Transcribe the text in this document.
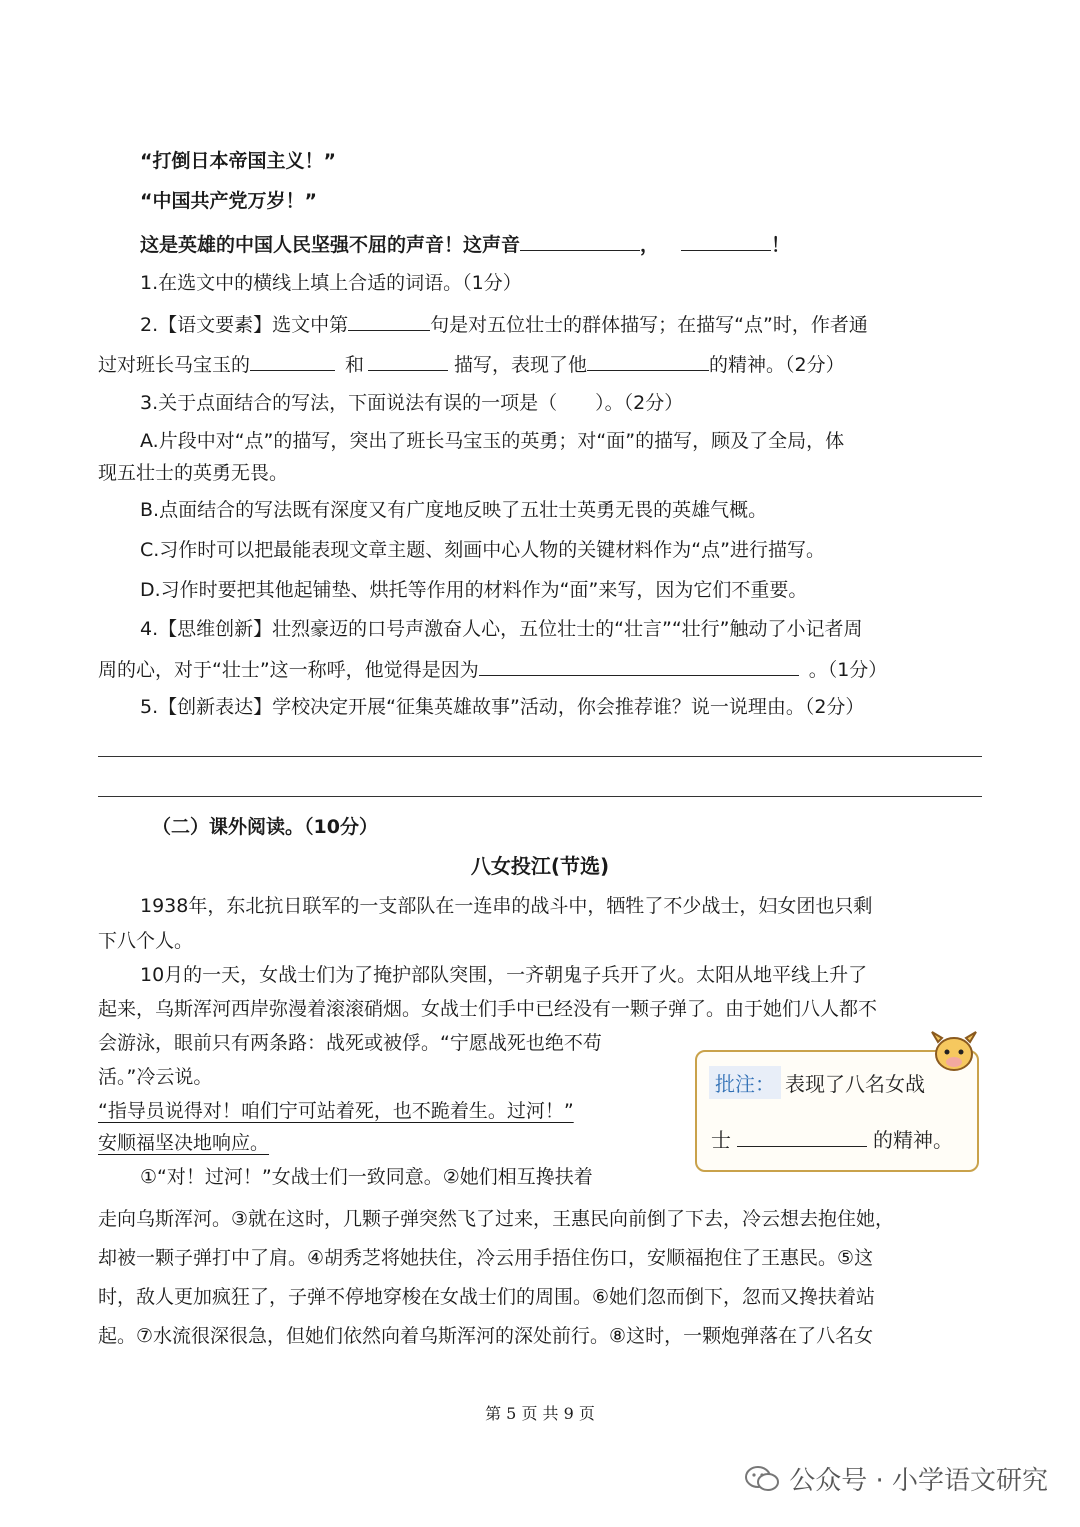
“打倒日本帝国主义！”
“中国共产党万岁！”
这是英雄的中国人民坚强不屈的声音！这声音	，	！
1.在选文中的横线上填上合适的词语。（1分）
2.【语文要素】选文中第	句是对五位壮士的群体描写；在描写“点”时，作者通
过对班长马宝玉的	和	描写，表现了他	的精神。（2分）
3.关于点面结合的写法，下面说法有误的一项是（　　）。（2分）
A.片段中对“点”的描写，突出了班长马宝玉的英勇；对“面”的描写，顾及了全局，体
现五壮士的英勇无畏。
B.点面结合的写法既有深度又有广度地反映了五壮士英勇无畏的英雄气概。
C.习作时可以把最能表现文章主题、刻画中心人物的关键材料作为“点”进行描写。
D.习作时要把其他起铺垫、烘托等作用的材料作为“面”来写，因为它们不重要。
4.【思维创新】壮烈豪迈的口号声激奋人心，五位壮士的“壮言”“壮行”触动了小记者周
周的心，对于“壮士”这一称呼，他觉得是因为	。（1分）
5.【创新表达】学校决定开展“征集英雄故事”活动，你会推荐谁？说一说理由。（2分）
（二）课外阅读。（10分）
八女投江(节选)
1938年，东北抗日联军的一支部队在一连串的战斗中，牺牲了不少战士，妇女团也只剩
下八个人。
10月的一天，女战士们为了掩护部队突围，一齐朝鬼子兵开了火。太阳从地平线上升了
起来，乌斯浑河西岸弥漫着滚滚硝烟。女战士们手中已经没有一颗子弹了。由于她们八人都不
会游泳，眼前只有两条路：战死或被俘。“宁愿战死也绝不苟
活。”冷云说。
“指导员说得对！咱们宁可站着死，也不跪着生。过河！”
安顺福坚决地响应。
①“对！过河！”女战士们一致同意。②她们相互搀扶着
走向乌斯浑河。③就在这时，几颗子弹突然飞了过来，王惠民向前倒了下去，冷云想去抱住她，
却被一颗子弹打中了肩。④胡秀芝将她扶住，冷云用手捂住伤口，安顺福抱住了王惠民。⑤这
时，敌人更加疯狂了，子弹不停地穿梭在女战士们的周围。⑥她们忽而倒下，忽而又搀扶着站
起。⑦水流很深很急，但她们依然向着乌斯浑河的深处前行。⑧这时，一颗炮弹落在了八名女
批注： 表现了八名女战
士	的精神。
第 5 页 共 9 页
公众号 · 小学语文研究
